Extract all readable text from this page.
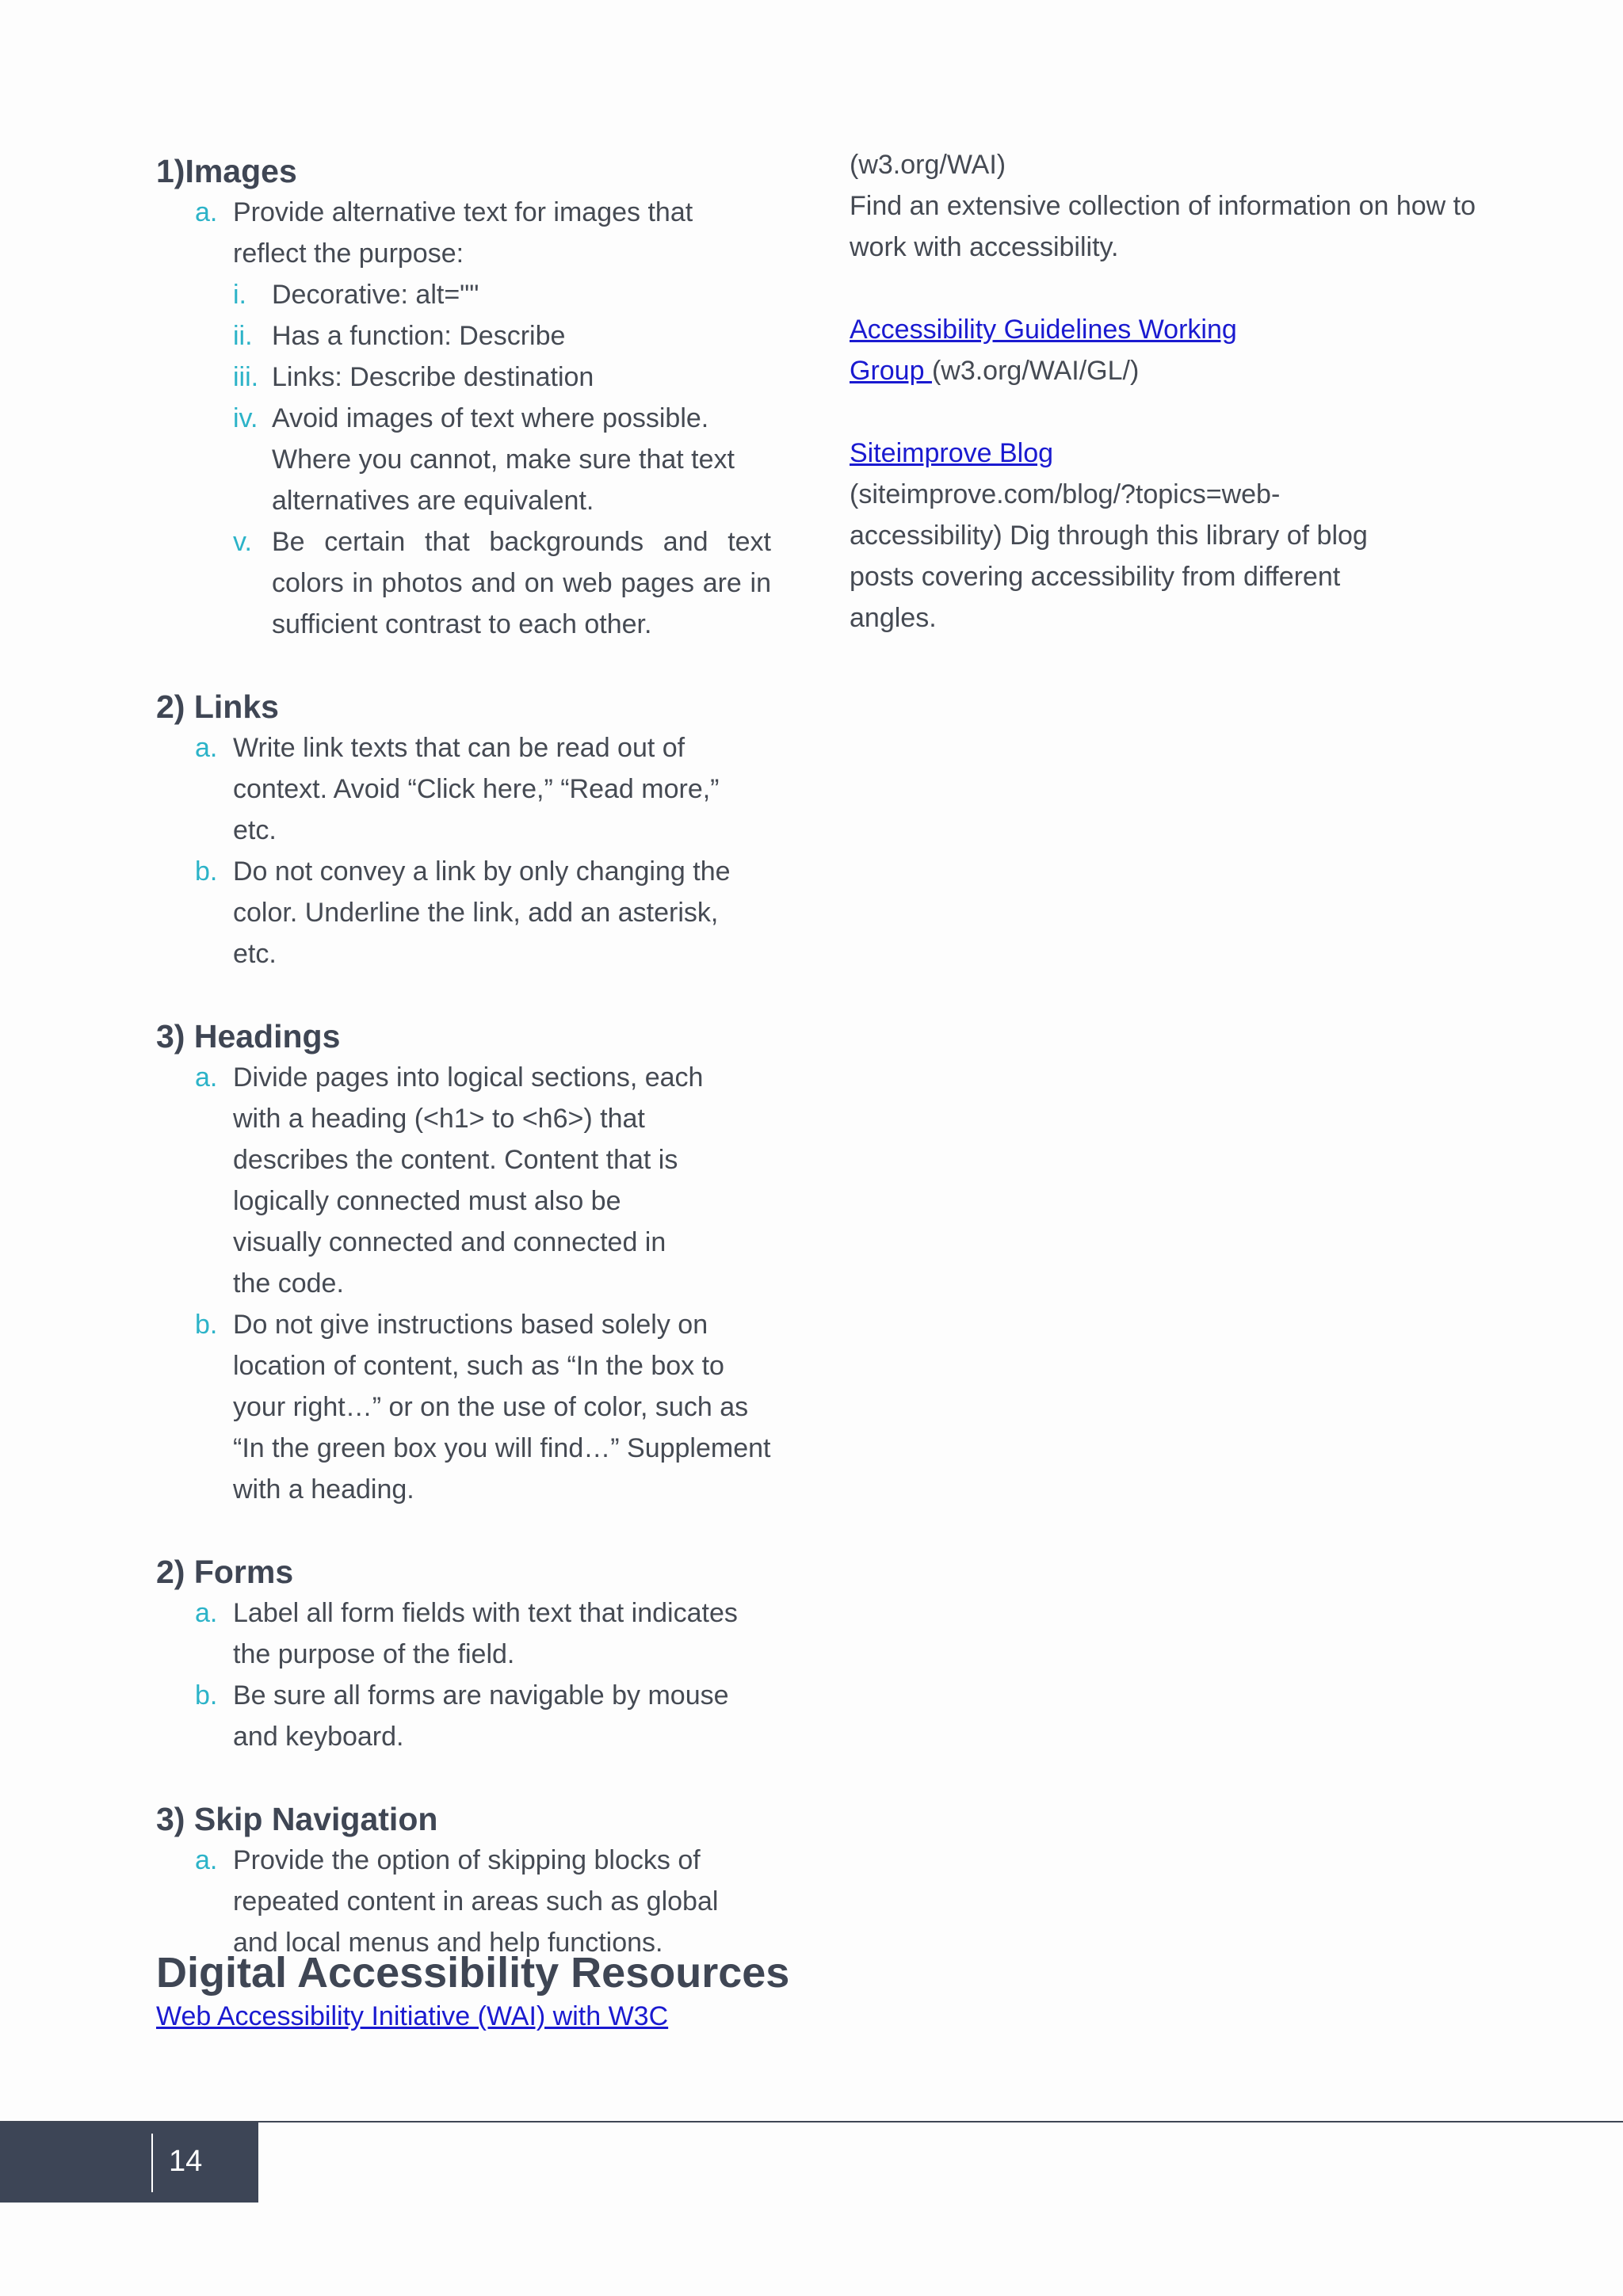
1)Images
a. Provide alternative text for images that reflect the purpose:
i. Decorative: alt=""
ii. Has a function: Describe
iii. Links: Describe destination
iv. Avoid images of text where possible. Where you cannot, make sure that text alternatives are equivalent.
v. Be certain that backgrounds and text colors in photos and on web pages are in sufficient contrast to each other.
2) Links
a. Write link texts that can be read out of context. Avoid “Click here,” “Read more,” etc.
b. Do not convey a link by only changing the color. Underline the link, add an asterisk, etc.
3) Headings
a. Divide pages into logical sections, each with a heading (<h1> to <h6>) that describes the content. Content that is logically connected must also be visually connected and connected in the code.
b. Do not give instructions based solely on location of content, such as “In the box to your right…” or on the use of color, such as “In the green box you will find…” Supplement with a heading.
2) Forms
a. Label all form fields with text that indicates the purpose of the field.
b. Be sure all forms are navigable by mouse and keyboard.
3) Skip Navigation
a. Provide the option of skipping blocks of repeated content in areas such as global and local menus and help functions.
Digital Accessibility Resources
Web Accessibility Initiative (WAI) with W3C
(w3.org/WAI)
Find an extensive collection of information on how to work with accessibility.
Accessibility Guidelines Working Group (w3.org/WAI/GL/)
Siteimprove Blog
(siteimprove.com/blog/?topics=web-accessibility) Dig through this library of blog posts covering accessibility from different angles.
14
